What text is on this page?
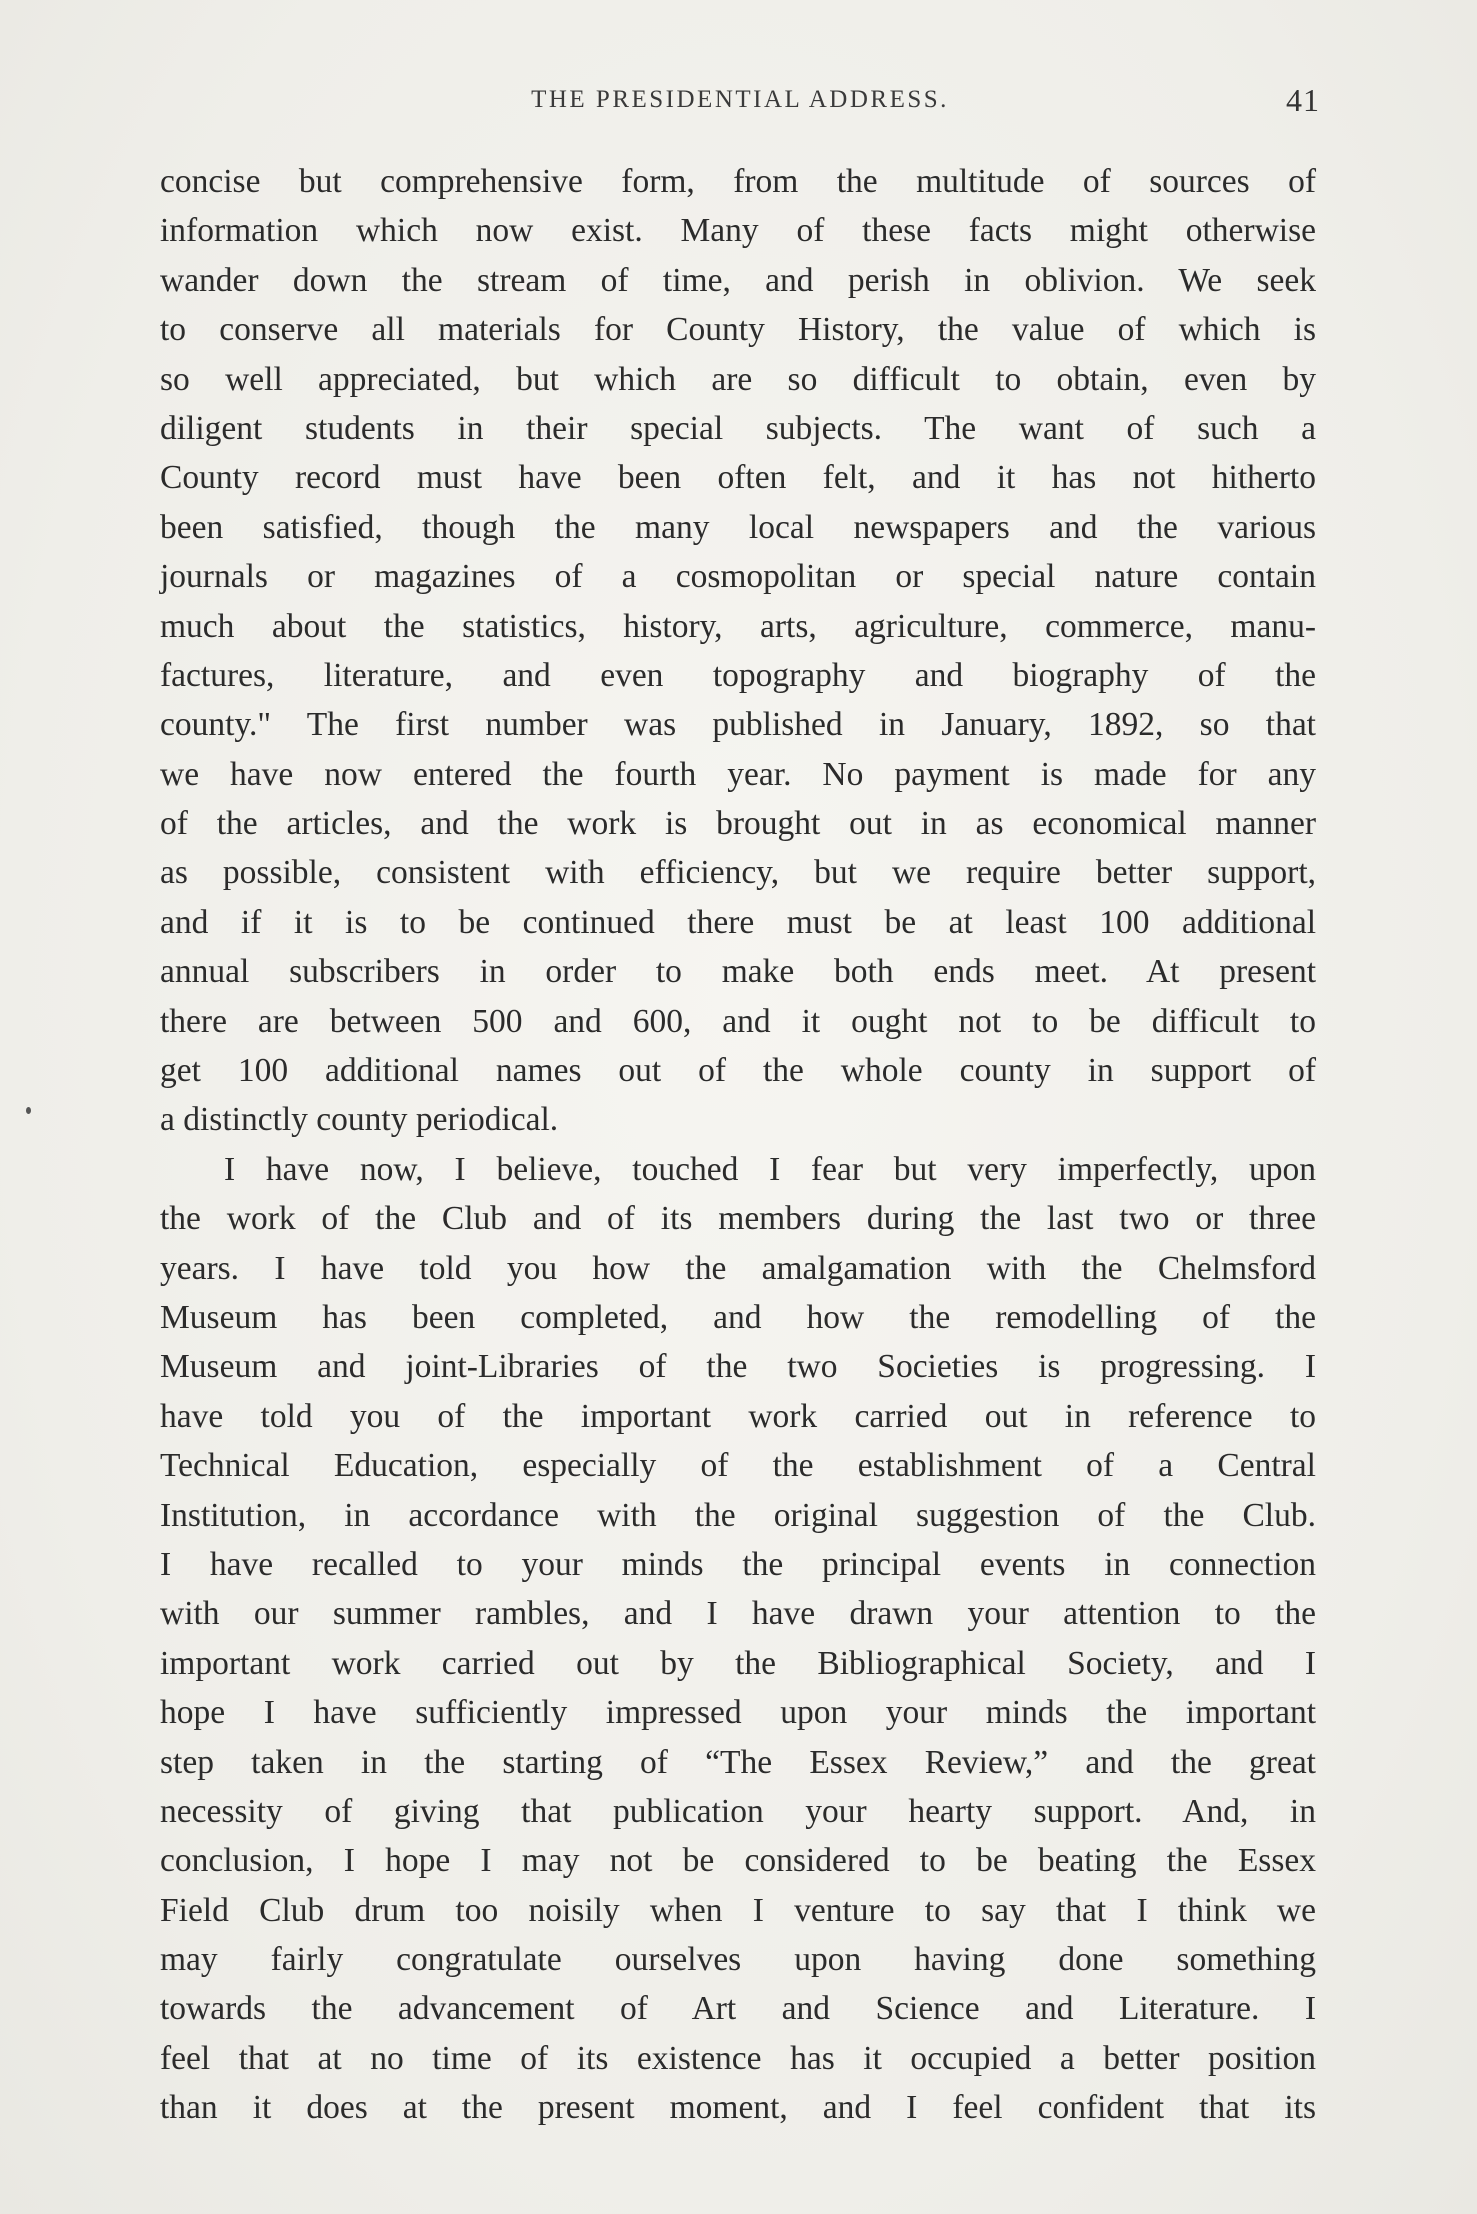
THE PRESIDENTIAL ADDRESS.	41
concise but comprehensive form, from the multitude of sources of
information which now exist. Many of these facts might otherwise
wander down the stream of time, and perish in oblivion. We seek
to conserve all materials for County History, the value of which is
so well appreciated, but which are so difficult to obtain, even by
diligent students in their special subjects. The want of such a
County record must have been often felt, and it has not hitherto
been satisfied, though the many local newspapers and the various
journals or magazines of a cosmopolitan or special nature contain
much about the statistics, history, arts, agriculture, commerce, manu-
factures, literature, and even topography and biography of the
county." The first number was published in January, 1892, so that
we have now entered the fourth year. No payment is made for any
of the articles, and the work is brought out in as economical manner
as possible, consistent with efficiency, but we require better support,
and if it is to be continued there must be at least 100 additional
annual subscribers in order to make both ends meet. At present
there are between 500 and 600, and it ought not to be difficult to
get 100 additional names out of the whole county in support of
a distinctly county periodical.
I have now, I believe, touched I fear but very imperfectly, upon
the work of the Club and of its members during the last two or three
years. I have told you how the amalgamation with the Chelmsford
Museum has been completed, and how the remodelling of the
Museum and joint-Libraries of the two Societies is progressing. I
have told you of the important work carried out in reference to
Technical Education, especially of the establishment of a Central
Institution, in accordance with the original suggestion of the Club.
I have recalled to your minds the principal events in connection
with our summer rambles, and I have drawn your attention to the
important work carried out by the Bibliographical Society, and I
hope I have sufficiently impressed upon your minds the important
step taken in the starting of “The Essex Review,” and the great
necessity of giving that publication your hearty support. And, in
conclusion, I hope I may not be considered to be beating the Essex
Field Club drum too noisily when I venture to say that I think we
may fairly congratulate ourselves upon having done something
towards the advancement of Art and Science and Literature. I
feel that at no time of its existence has it occupied a better position
than it does at the present moment, and I feel confident that its
